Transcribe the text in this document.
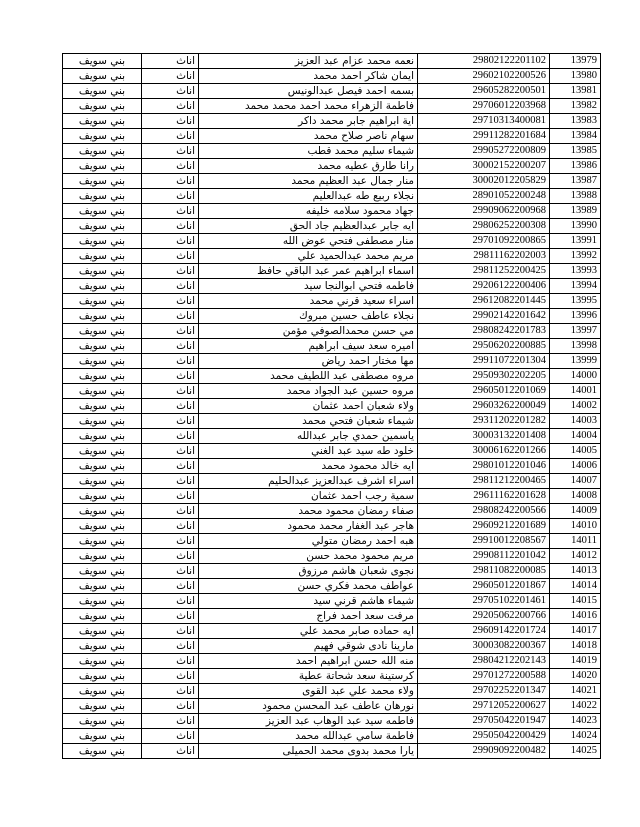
بني سويف	اناث	نعمه محمد عزام عبد العزيز	29802122201102	13979
بني سويف	اناث	ايمان شاكر احمد محمد	29602102200526	13980
بني سويف	اناث	بسمه احمد فيصل عبدالونيس	29605282200501	13981
بني سويف	اناث	فاطمة الزهراء محمد احمد محمد محمد	29706012203968	13982
بني سويف	اناث	اية ابراهيم جابر محمد داكر	29710313400081	13983
بني سويف	اناث	سهام ناصر صلاح محمد	29911282201684	13984
بني سويف	اناث	شيماء سليم محمد قطب	29905272200809	13985
بني سويف	اناث	رانا طارق عطيه محمد	30002152200207	13986
بني سويف	اناث	منار جمال عبد العظيم محمد	30002012205829	13987
بني سويف	اناث	نجلاء ربيع طه عبدالعليم	28901052200248	13988
بني سويف	اناث	جهاد محمود سلامه خليفه	29909062200968	13989
بني سويف	اناث	ايه جابر عبدالعظيم جاد الحق	29806252200308	13990
بني سويف	اناث	منار مصطفى فتحي عوض الله	29701092200865	13991
بني سويف	اناث	مريم محمد عبدالحميد علي	29811162202003	13992
بني سويف	اناث	اسماء ابراهيم عمر عبد الباقي حافظ	29811252200425	13993
بني سويف	اناث	فاطمه فتحي ابوالنجا سيد	29206122200406	13994
بني سويف	اناث	اسراء سعيد قرني محمد	29612082201445	13995
بني سويف	اناث	نجلاء عاطف حسين مبروك	29902142201642	13996
بني سويف	اناث	مي حسن محمدالصوفي مؤمن	29808242201783	13997
بني سويف	اناث	اميره سعد سيف ابراهيم	29506202200885	13998
بني سويف	اناث	مها مختار احمد رياض	29911072201304	13999
بني سويف	اناث	مروه مصطفى عبد اللطيف محمد	29509302202205	14000
بني سويف	اناث	مروه حسين عبد الجواد محمد	29605012201069	14001
بني سويف	اناث	ولاء شعبان احمد عثمان	29603262200049	14002
بني سويف	اناث	شيماء شعبان فتحي محمد	29311202201282	14003
بني سويف	اناث	ياسمين حمدي جابر عبدالله	30003132201408	14004
بني سويف	اناث	خلود طه سيد عبد الغني	30006162201266	14005
بني سويف	اناث	ايه خالد محمود محمد	29801012201046	14006
بني سويف	اناث	اسراء اشرف عبدالعزيز عبدالحليم	29811212200465	14007
بني سويف	اناث	سمية رجب احمد عثمان	29611162201628	14008
بني سويف	اناث	صفاء رمضان محمود محمد	29808242200566	14009
بني سويف	اناث	هاجر عبد الغفار محمد محمود	29609212201689	14010
بني سويف	اناث	هبه احمد رمضان متولي	29910012208567	14011
بني سويف	اناث	مريم محمود محمد حسن	29908112201042	14012
بني سويف	اناث	نجوى شعبان هاشم مرزوق	29811082200085	14013
بني سويف	اناث	عواطف محمد فكري حسن	29605012201867	14014
بني سويف	اناث	شيماء هاشم قرني سيد	29705102201461	14015
بني سويف	اناث	مرفت سعد احمد فراج	29205062200766	14016
بني سويف	اناث	ايه حماده صابر محمد علي	29609142201724	14017
بني سويف	اناث	مارينا نادى شوقي فهيم	30003082200367	14018
بني سويف	اناث	منه الله حسن ابراهيم احمد	29804212202143	14019
بني سويف	اناث	كرستينة سعد شحاتة عطية	29701272200588	14020
بني سويف	اناث	ولاء محمد علي عبد القوى	29702252201347	14021
بني سويف	اناث	نورهان عاطف عبد المحسن محمود	29712052200627	14022
بني سويف	اناث	فاطمه سيد عبد الوهاب عبد العزيز	29705042201947	14023
بني سويف	اناث	فاطمة سامي عبدالله محمد	29505042200429	14024
بني سويف	اناث	يارا محمد بدوى محمد الحميلى	29909092200482	14025
